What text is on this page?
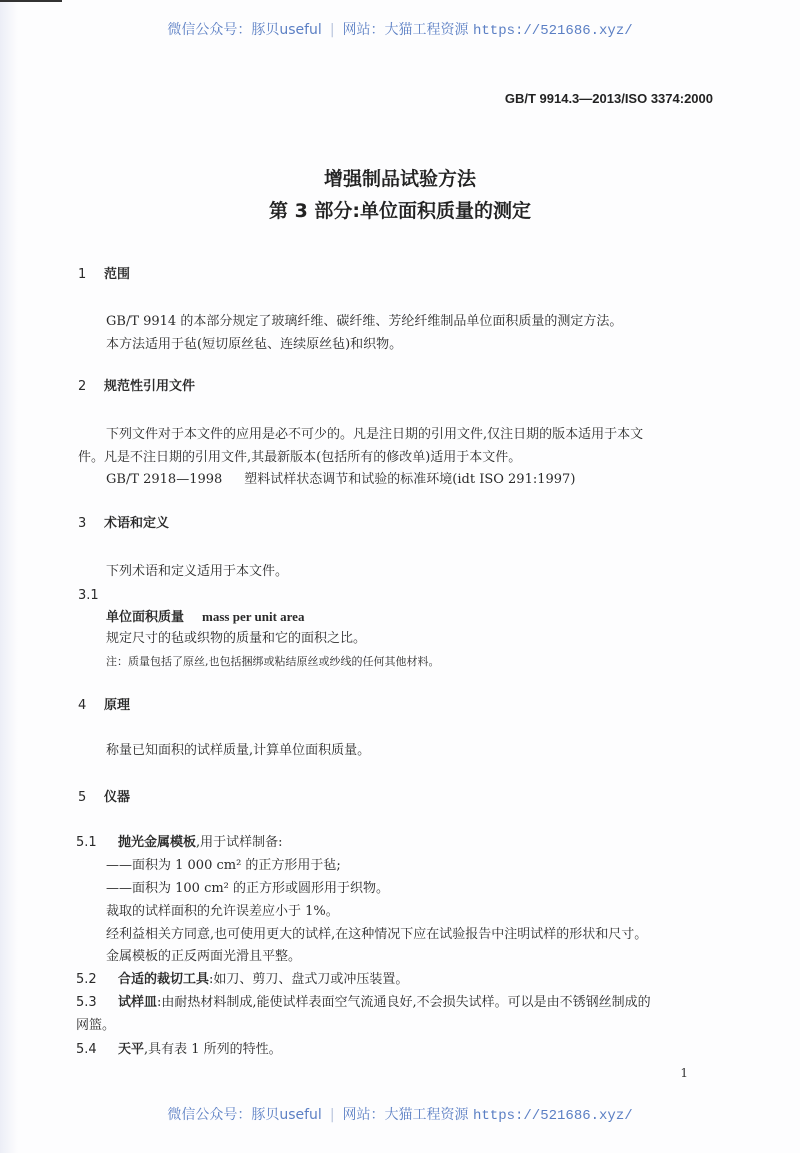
微信公众号：豚贝useful | 网站：大猫工程资源 https://521686.xyz/
GB/T 9914.3—2013/ISO 3374:2000
增强制品试验方法
第 3 部分:单位面积质量的测定
1 范围
GB/T 9914 的本部分规定了玻璃纤维、碳纤维、芳纶纤维制品单位面积质量的测定方法。
本方法适用于毡(短切原丝毡、连续原丝毡)和织物。
2 规范性引用文件
下列文件对于本文件的应用是必不可少的。凡是注日期的引用文件,仅注日期的版本适用于本文
件。凡是不注日期的引用文件,其最新版本(包括所有的修改单)适用于本文件。
GB/T 2918—1998 塑料试样状态调节和试验的标准环境(idt ISO 291:1997)
3 术语和定义
下列术语和定义适用于本文件。
3.1
单位面积质量 mass per unit area
规定尺寸的毡或织物的质量和它的面积之比。
注：质量包括了原丝,也包括捆绑或粘结原丝或纱线的任何其他材料。
4 原理
称量已知面积的试样质量,计算单位面积质量。
5 仪器
5.1 抛光金属模板,用于试样制备:
——面积为 1 000 cm² 的正方形用于毡;
——面积为 100 cm² 的正方形或圆形用于织物。
裁取的试样面积的允许误差应小于 1%。
经利益相关方同意,也可使用更大的试样,在这种情况下应在试验报告中注明试样的形状和尺寸。
金属模板的正反两面光滑且平整。
5.2 合适的裁切工具:如刀、剪刀、盘式刀或冲压装置。
5.3 试样皿:由耐热材料制成,能使试样表面空气流通良好,不会损失试样。可以是由不锈钢丝制成的
网篮。
5.4 天平,具有表 1 所列的特性。
1
微信公众号：豚贝useful | 网站：大猫工程资源 https://521686.xyz/
